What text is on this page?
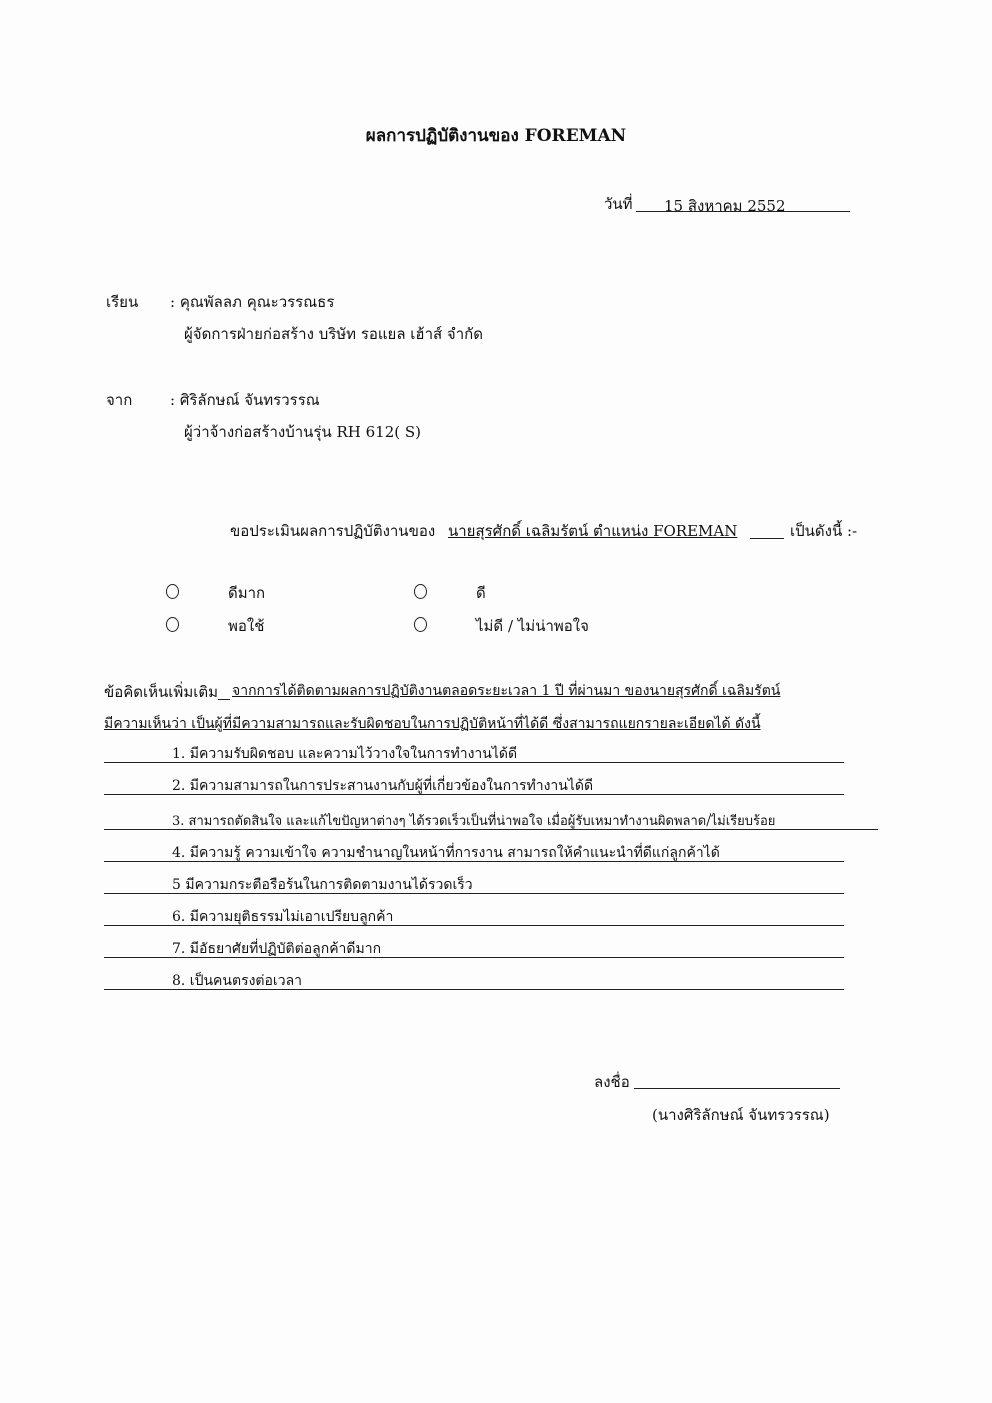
ผลการปฏิบัติงานของ FOREMAN
วันที่ 15 สิงหาคม 2552
เรียน : คุณพัลลภ คุณะวรรณธร
ผู้จัดการฝ่ายก่อสร้าง บริษัท รอแยล เฮ้าส์ จำกัด
จาก	: ศิริลักษณ์ จันทรวรรณ
ผู้ว่าจ้างก่อสร้างบ้านรุ่น RH 612( S)
ขอประเมินผลการปฏิบัติงานของ นายสุรศักดิ์ เฉลิมรัตน์ ตำแหน่ง FOREMAN	เป็นดังนี้ :-
ดีมาก	ดี
พอใช้	ไม่ดี / ไม่น่าพอใจ
ข้อคิดเห็นเพิ่มเติม จากการได้ติดตามผลการปฏิบัติงานตลอดระยะเวลา 1 ปี ที่ผ่านมา ของนายสุรศักดิ์ เฉลิมรัตน์
มีความเห็นว่า เป็นผู้ที่มีความสามารถและรับผิดชอบในการปฏิบัติหน้าที่ได้ดี ซึ่งสามารถแยกรายละเอียดได้ ดังนี้
1. มีความรับผิดชอบ และความไว้วางใจในการทำงานได้ดี
2. มีความสามารถในการประสานงานกับผู้ที่เกี่ยวข้องในการทำงานได้ดี
3. สามารถตัดสินใจ และแก้ไขปัญหาต่างๆ ได้รวดเร็วเป็นที่น่าพอใจ เมื่อผู้รับเหมาทำงานผิดพลาด/ไม่เรียบร้อย
4. มีความรู้ ความเข้าใจ ความชำนาญในหน้าที่การงาน สามารถให้คำแนะนำที่ดีแก่ลูกค้าได้
5 มีความกระตือรือร้นในการติดตามงานได้รวดเร็ว
6. มีความยุติธรรมไม่เอาเปรียบลูกค้า
7. มีอัธยาศัยที่ปฏิบัติต่อลูกค้าดีมาก
8. เป็นคนตรงต่อเวลา
ลงชื่อ
(นางศิริลักษณ์ จันทรวรรณ)
